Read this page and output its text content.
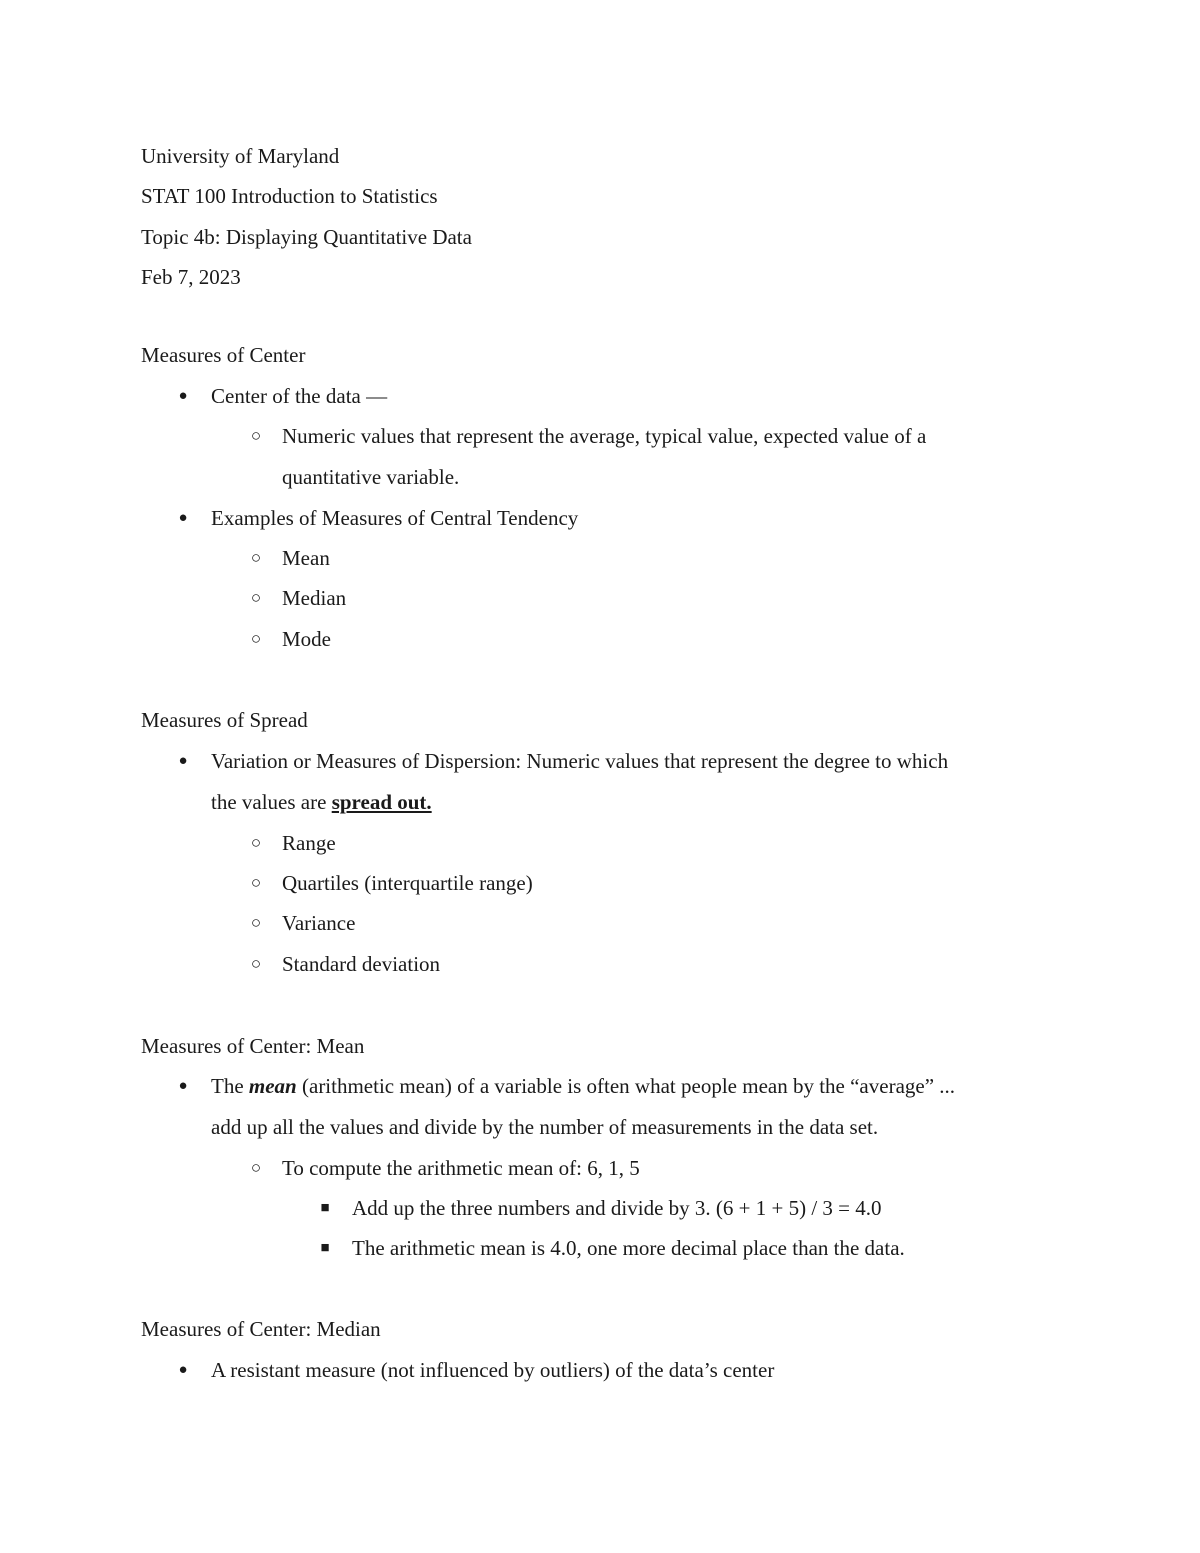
University of Maryland
STAT 100 Introduction to Statistics
Topic 4b: Displaying Quantitative Data
Feb 7, 2023
Measures of Center
● Center of the data —
○ Numeric values that represent the average, typical value, expected value of a
quantitative variable.
● Examples of Measures of Central Tendency
○ Mean
○ Median
○ Mode
Measures of Spread
● Variation or Measures of Dispersion: Numeric values that represent the degree to which
the values are spread out.
○ Range
○ Quartiles (interquartile range)
○ Variance
○ Standard deviation
Measures of Center: Mean
● The mean (arithmetic mean) of a variable is often what people mean by the “average” ...
add up all the values and divide by the number of measurements in the data set.
○ To compute the arithmetic mean of: 6, 1, 5
■ Add up the three numbers and divide by 3. (6 + 1 + 5) / 3 = 4.0
■ The arithmetic mean is 4.0, one more decimal place than the data.
Measures of Center: Median
● A resistant measure (not influenced by outliers) of the data’s center
